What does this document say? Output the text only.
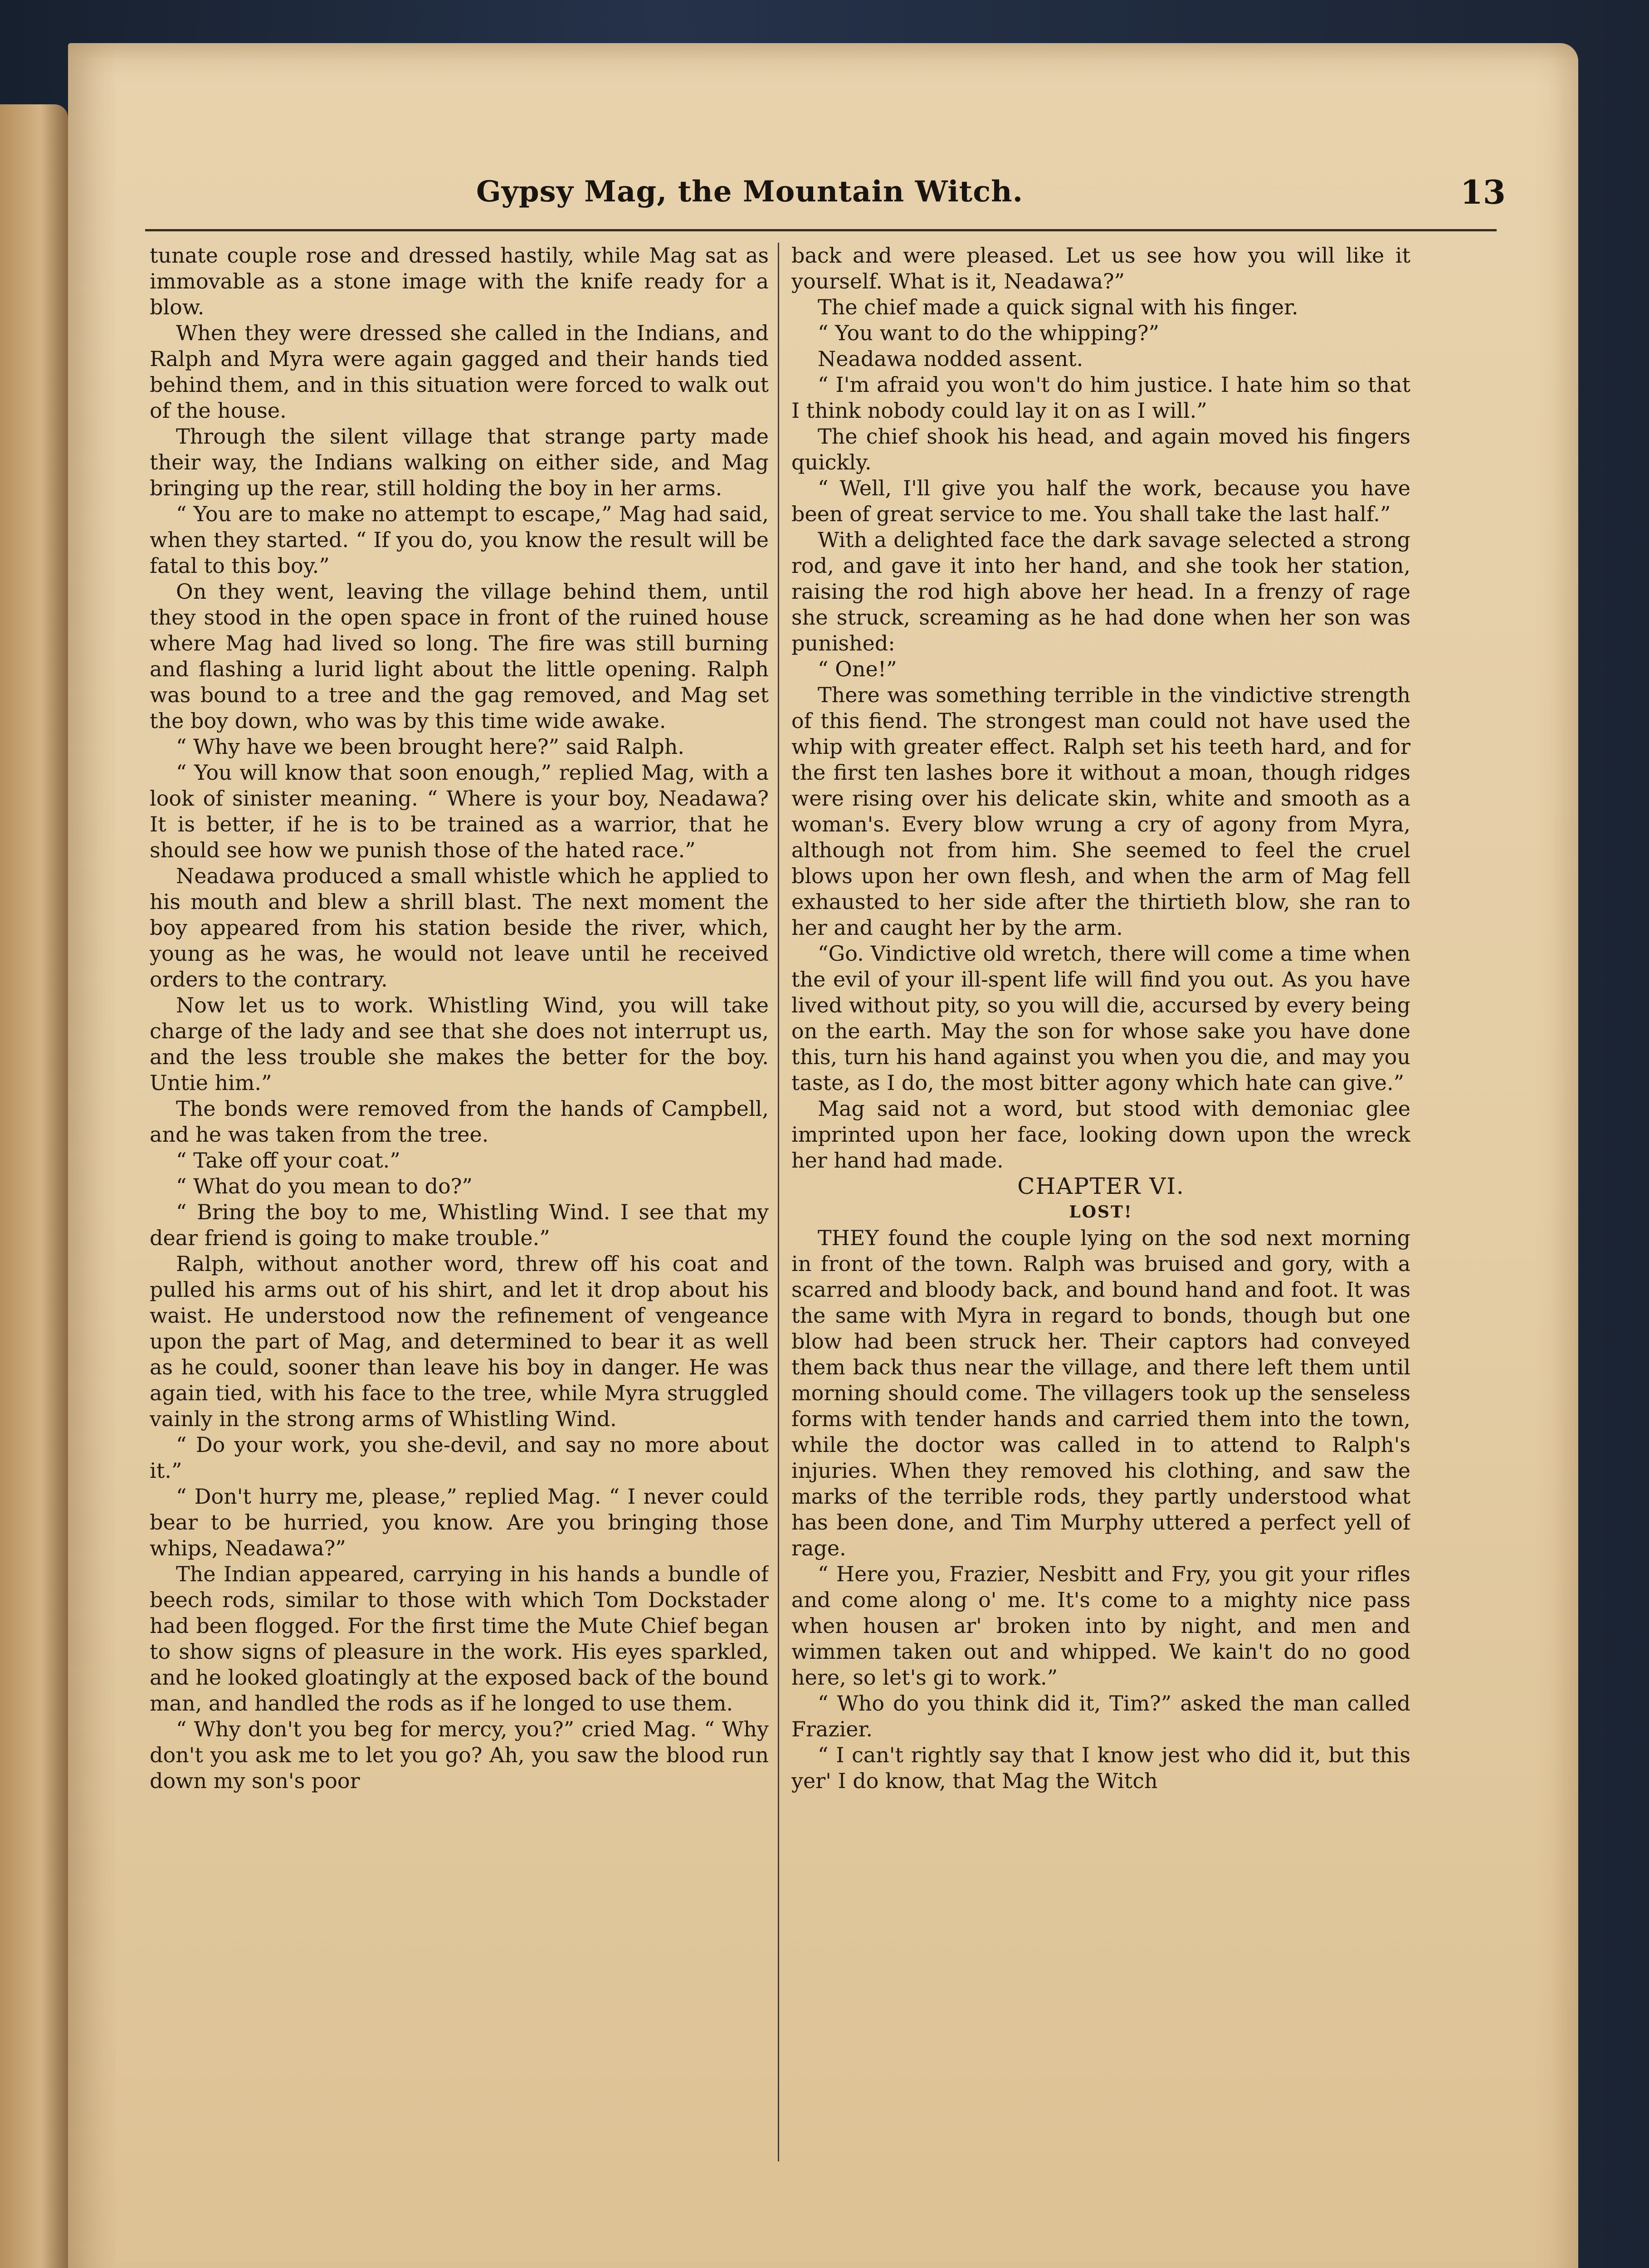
Gypsy Mag, the Mountain Witch.	13

tunate couple rose and dressed hastily, while Mag sat as immovable as a stone image with the knife ready for a blow.

When they were dressed she called in the Indians, and Ralph and Myra were again gagged and their hands tied behind them, and in this situation were forced to walk out of the house.

Through the silent village that strange party made their way, the Indians walking on either side, and Mag bringing up the rear, still holding the boy in her arms.

“ You are to make no attempt to escape,” Mag had said, when they started. “ If you do, you know the result will be fatal to this boy.”

On they went, leaving the village behind them, until they stood in the open space in front of the ruined house where Mag had lived so long. The fire was still burning and flashing a lurid light about the little opening. Ralph was bound to a tree and the gag removed, and Mag set the boy down, who was by this time wide awake.

“ Why have we been brought here?” said Ralph.

“ You will know that soon enough,” replied Mag, with a look of sinister meaning. “ Where is your boy, Neadawa? It is better, if he is to be trained as a warrior, that he should see how we punish those of the hated race.”

Neadawa produced a small whistle which he applied to his mouth and blew a shrill blast. The next moment the boy appeared from his station beside the river, which, young as he was, he would not leave until he received orders to the contrary.

Now let us to work. Whistling Wind, you will take charge of the lady and see that she does not interrupt us, and the less trouble she makes the better for the boy. Untie him.”

The bonds were removed from the hands of Campbell, and he was taken from the tree.

“ Take off your coat.”

“ What do you mean to do?”

“ Bring the boy to me, Whistling Wind. I see that my dear friend is going to make trouble.”

Ralph, without another word, threw off his coat and pulled his arms out of his shirt, and let it drop about his waist. He understood now the refinement of vengeance upon the part of Mag, and determined to bear it as well as he could, sooner than leave his boy in danger. He was again tied, with his face to the tree, while Myra struggled vainly in the strong arms of Whistling Wind.

“ Do your work, you she-devil, and say no more about it.”

“ Don't hurry me, please,” replied Mag. “ I never could bear to be hurried, you know. Are you bringing those whips, Neadawa?”

The Indian appeared, carrying in his hands a bundle of beech rods, similar to those with which Tom Dockstader had been flogged. For the first time the Mute Chief began to show signs of pleasure in the work. His eyes sparkled, and he looked gloatingly at the exposed back of the bound man, and handled the rods as if he longed to use them.

“ Why don't you beg for mercy, you?” cried Mag. “ Why don't you ask me to let you go? Ah, you saw the blood run down my son's poor

back and were pleased. Let us see how you will like it yourself. What is it, Neadawa?”

The chief made a quick signal with his finger.

“ You want to do the whipping?”

Neadawa nodded assent.

“ I'm afraid you won't do him justice. I hate him so that I think nobody could lay it on as I will.”

The chief shook his head, and again moved his fingers quickly.

“ Well, I'll give you half the work, because you have been of great service to me. You shall take the last half.”

With a delighted face the dark savage selected a strong rod, and gave it into her hand, and she took her station, raising the rod high above her head. In a frenzy of rage she struck, screaming as he had done when her son was punished:

“ One!”

There was something terrible in the vindictive strength of this fiend. The strongest man could not have used the whip with greater effect. Ralph set his teeth hard, and for the first ten lashes bore it without a moan, though ridges were rising over his delicate skin, white and smooth as a woman's. Every blow wrung a cry of agony from Myra, although not from him. She seemed to feel the cruel blows upon her own flesh, and when the arm of Mag fell exhausted to her side after the thirtieth blow, she ran to her and caught her by the arm.

“Go. Vindictive old wretch, there will come a time when the evil of your ill-spent life will find you out. As you have lived without pity, so you will die, accursed by every being on the earth. May the son for whose sake you have done this, turn his hand against you when you die, and may you taste, as I do, the most bitter agony which hate can give.”

Mag said not a word, but stood with demoniac glee imprinted upon her face, looking down upon the wreck her hand had made.

CHAPTER VI.

LOST!

THEY found the couple lying on the sod next morning in front of the town. Ralph was bruised and gory, with a scarred and bloody back, and bound hand and foot. It was the same with Myra in regard to bonds, though but one blow had been struck her. Their captors had conveyed them back thus near the village, and there left them until morning should come. The villagers took up the senseless forms with tender hands and carried them into the town, while the doctor was called in to attend to Ralph's injuries. When they removed his clothing, and saw the marks of the terrible rods, they partly understood what has been done, and Tim Murphy uttered a perfect yell of rage.

“ Here you, Frazier, Nesbitt and Fry, you git your rifles and come along o' me. It's come to a mighty nice pass when housen ar' broken into by night, and men and wimmen taken out and whipped. We kain't do no good here, so let's gi to work.”

“ Who do you think did it, Tim?” asked the man called Frazier.

“ I can't rightly say that I know jest who did it, but this yer' I do know, that Mag the Witch
